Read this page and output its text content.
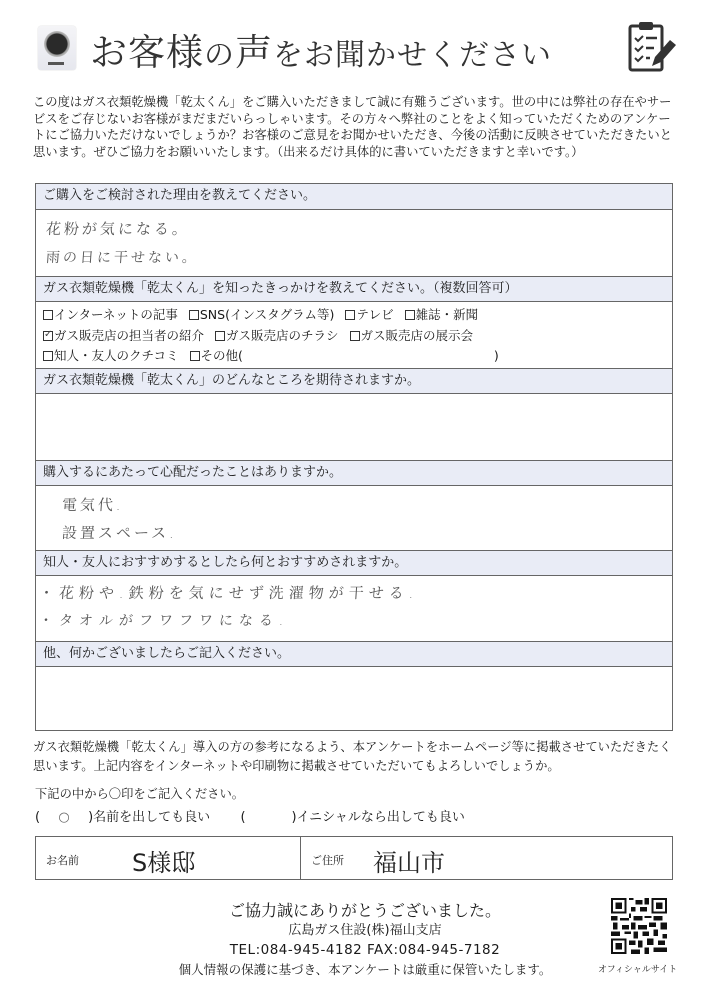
お客様の声をお聞かせください

この度はガス衣類乾燥機「乾太くん」をご購入いただきまして誠に有難うございます。世の中には弊社の存在やサービスをご存じないお客様がまだまだいらっしゃいます。その方々へ弊社のことをよく知っていただくためのアンケートにご協力いただけないでしょうか？お客様のご意見をお聞かせいただき、今後の活動に反映させていただきたいと思います。ぜひご協力をお願いいたします。（出来るだけ具体的に書いていただきますと幸いです。）

ご購入をご検討された理由を教えてください。
花粉が気になる。
雨の日に干せない。
ガス衣類乾燥機「乾太くん」を知ったきっかけを教えてください。（複数回答可）
インターネットの記事 SNS(インスタグラム等) テレビ 雑誌・新聞
✓ガス販売店の担当者の紹介 ガス販売店のチラシ ガス販売店の展示会
知人・友人のクチコミ その他(	)
ガス衣類乾燥機「乾太くん」のどんなところを期待されますか。
購入するにあたって心配だったことはありますか。
電気代.
設置スペース.
知人・友人におすすめするとしたら何とおすすめされますか。
・花粉や.鉄粉を気にせず洗濯物が干せる.
・タオルがフワフワになる.
他、何かございましたらご記入ください。

ガス衣類乾燥機「乾太くん」導入の方の参考になるよう、本アンケートをホームページ等に掲載させていただきたく思います。上記内容をインターネットや印刷物に掲載させていただいてもよろしいでしょうか。

下記の中から〇印をご記入ください。

( ○ )名前を出しても良い (	)イニシャルなら出しても良い
お名前 S様邸	ご住所 福山市
ご協力誠にありがとうございました。
広島ガス住設(株)福山支店
TEL:084-945-4182 FAX:084-945-7182
個人情報の保護に基づき、本アンケートは厳重に保管いたします。	オフィシャルサイト
